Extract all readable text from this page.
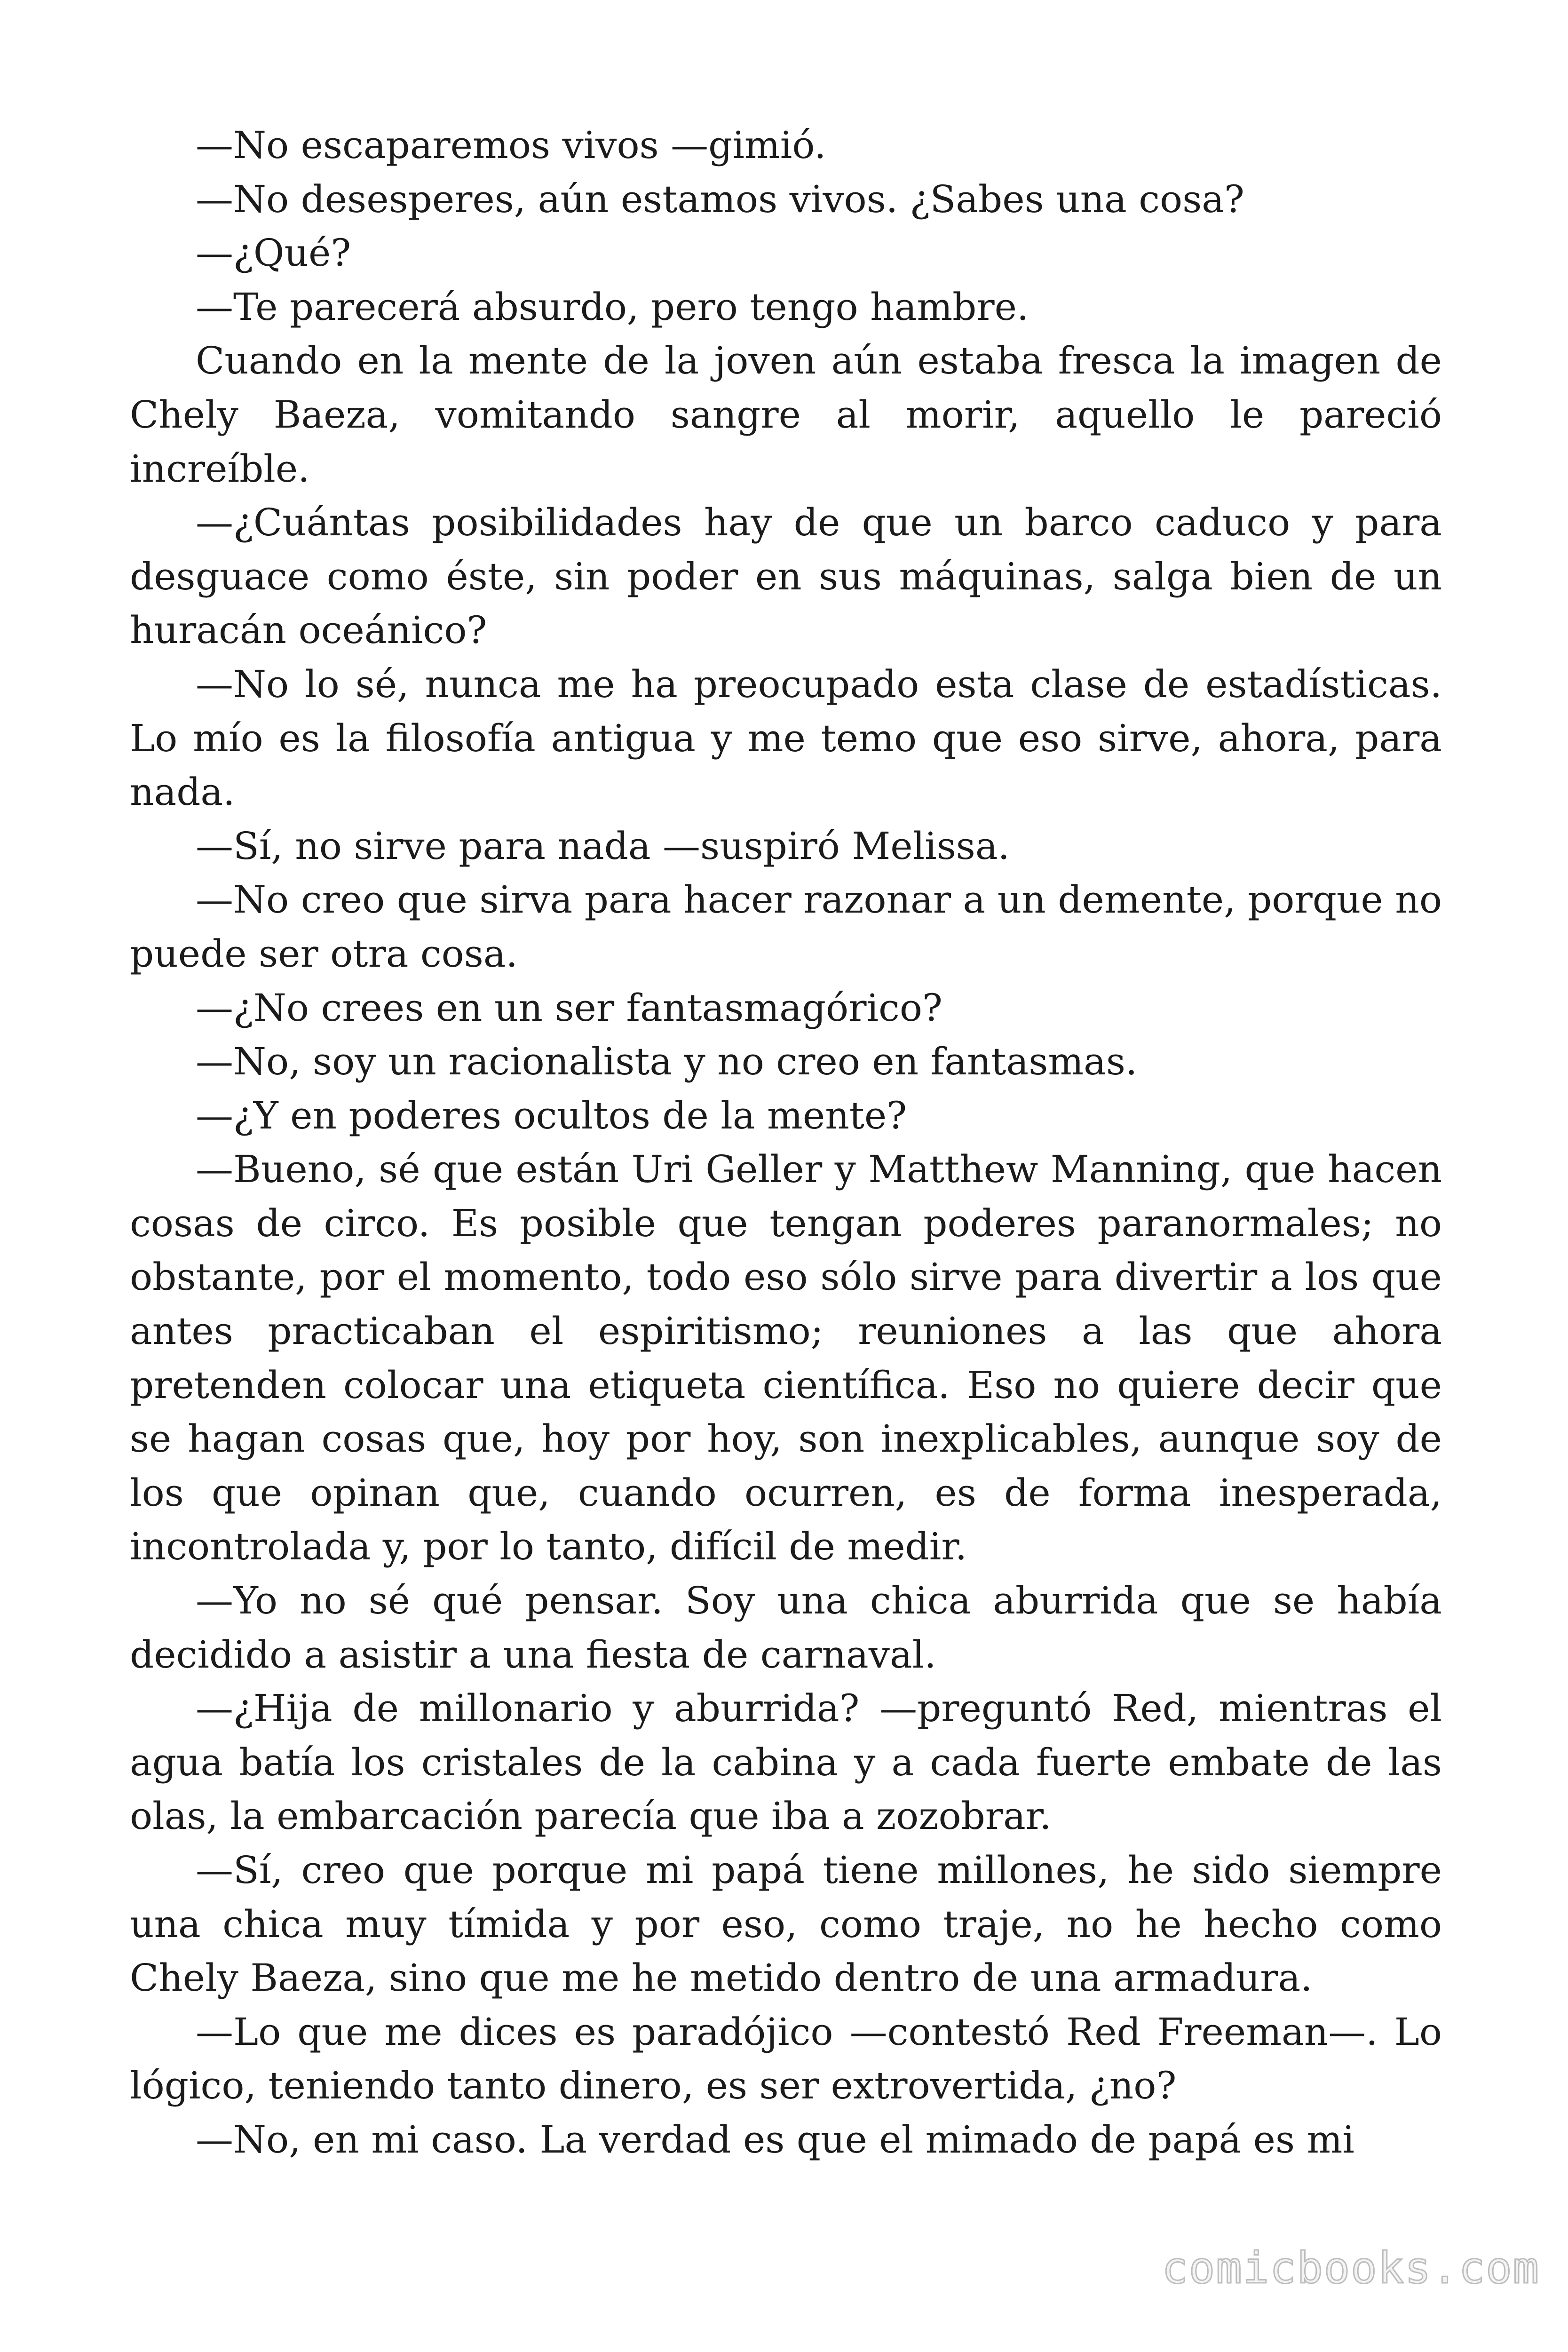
—No escaparemos vivos —gimió.

—No desesperes, aún estamos vivos. ¿Sabes una cosa?

—¿Qué?

—Te parecerá absurdo, pero tengo hambre.

Cuando en la mente de la joven aún estaba fresca la imagen de Chely Baeza, vomitando sangre al morir, aquello le pareció increíble.

—¿Cuántas posibilidades hay de que un barco caduco y para desguace como éste, sin poder en sus máquinas, salga bien de un huracán oceánico?

—No lo sé, nunca me ha preocupado esta clase de estadísticas. Lo mío es la filosofía antigua y me temo que eso sirve, ahora, para nada.

—Sí, no sirve para nada —suspiró Melissa.

—No creo que sirva para hacer razonar a un demente, porque no puede ser otra cosa.

—¿No crees en un ser fantasmagórico?

—No, soy un racionalista y no creo en fantasmas.

—¿Y en poderes ocultos de la mente?

—Bueno, sé que están Uri Geller y Matthew Manning, que hacen cosas de circo. Es posible que tengan poderes paranormales; no obstante, por el momento, todo eso sólo sirve para divertir a los que antes practicaban el espiritismo; reuniones a las que ahora pretenden colocar una etiqueta científica. Eso no quiere decir que se hagan cosas que, hoy por hoy, son inexplicables, aunque soy de los que opinan que, cuando ocurren, es de forma inesperada, incontrolada y, por lo tanto, difícil de medir.

—Yo no sé qué pensar. Soy una chica aburrida que se había decidido a asistir a una fiesta de carnaval.

—¿Hija de millonario y aburrida? —preguntó Red, mientras el agua batía los cristales de la cabina y a cada fuerte embate de las olas, la embarcación parecía que iba a zozobrar.

—Sí, creo que porque mi papá tiene millones, he sido siempre una chica muy tímida y por eso, como traje, no he hecho como Chely Baeza, sino que me he metido dentro de una armadura.

—Lo que me dices es paradójico —contestó Red Freeman—. Lo lógico, teniendo tanto dinero, es ser extrovertida, ¿no?

—No, en mi caso. La verdad es que el mimado de papá es mi

comicbooks.com
